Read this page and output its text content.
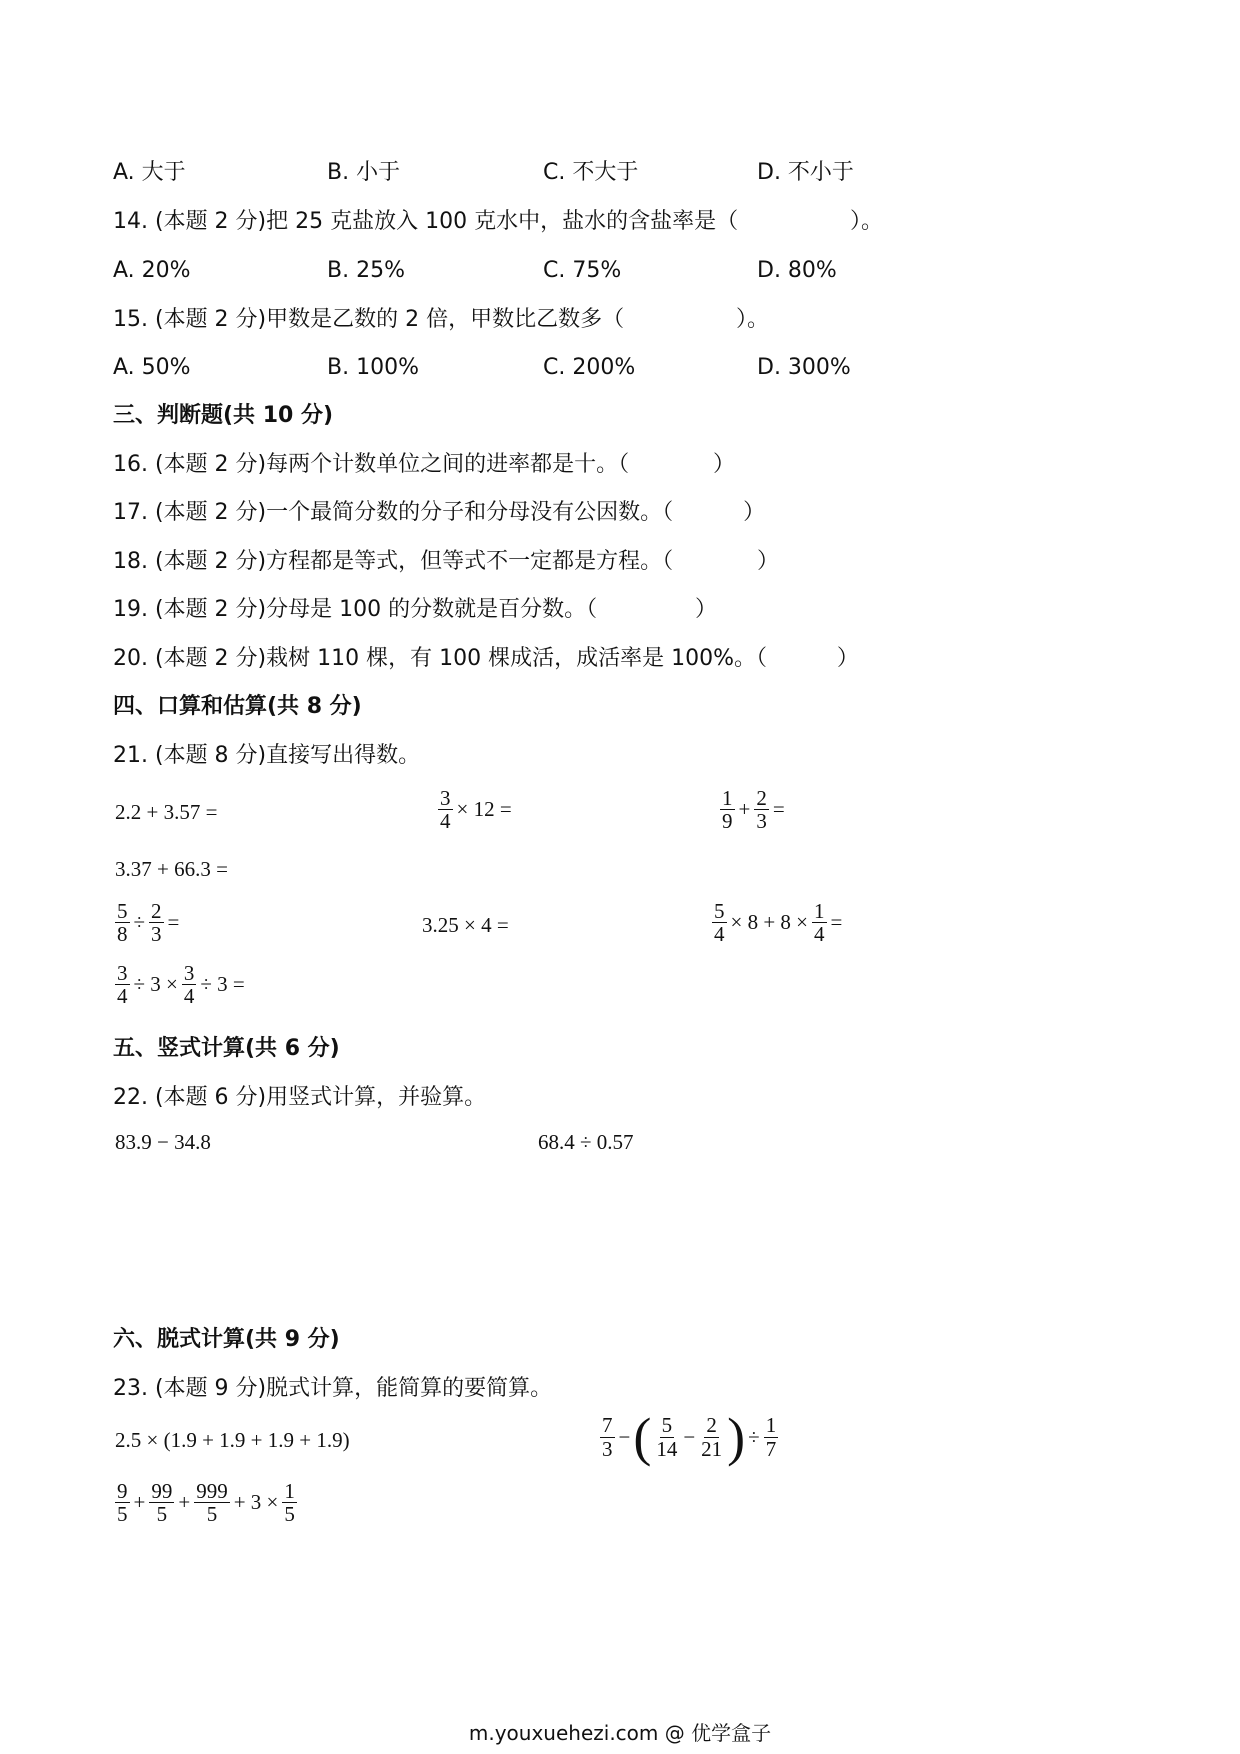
A. 大于	B. 小于	C. 不大于	D. 不小于
14. (本题 2 分)把 25 克盐放入 100 克水中，盐水的含盐率是（                ）。
A. 20%	B. 25%	C. 75%	D. 80%
15. (本题 2 分)甲数是乙数的 2 倍，甲数比乙数多（                ）。
A. 50%	B. 100%	C. 200%	D. 300%
三、判断题(共 10 分)
16. (本题 2 分)每两个计数单位之间的进率都是十。（            ）
17. (本题 2 分)一个最简分数的分子和分母没有公因数。（          ）
18. (本题 2 分)方程都是等式，但等式不一定都是方程。（            ）
19. (本题 2 分)分母是 100 的分数就是百分数。（              ）
20. (本题 2 分)栽树 110 棵，有 100 棵成活，成活率是 100%。（          ）
四、口算和估算(共 8 分)
21. (本题 8 分)直接写出得数。
2.2 + 3.57 =	$\frac{3}{4} \times 12$ =	$\frac{1}{9} + \frac{2}{3}$ =
3.37 + 66.3 =
$\frac{5}{8} \div \frac{2}{3}$ =	3.25 × 4 =	$\frac{5}{4} \times 8 + 8 \times \frac{1}{4}$ =
$\frac{3}{4} \div 3 \times \frac{3}{4} \div 3$ =
五、竖式计算(共 6 分)
22. (本题 6 分)用竖式计算，并验算。
83.9 − 34.8	68.4 ÷ 0.57
六、脱式计算(共 9 分)
23. (本题 9 分)脱式计算，能简算的要简算。
2.5 × (1.9 + 1.9 + 1.9 + 1.9)	$\frac{7}{3}$ − ( $\frac{5}{14} - \frac{2}{21}$ ) ÷ $\frac{1}{7}$
$\frac{9}{5} + \frac{99}{5} + \frac{999}{5} + 3 \times \frac{1}{5}$
m.youxuehezi.com @ 优学盒子
